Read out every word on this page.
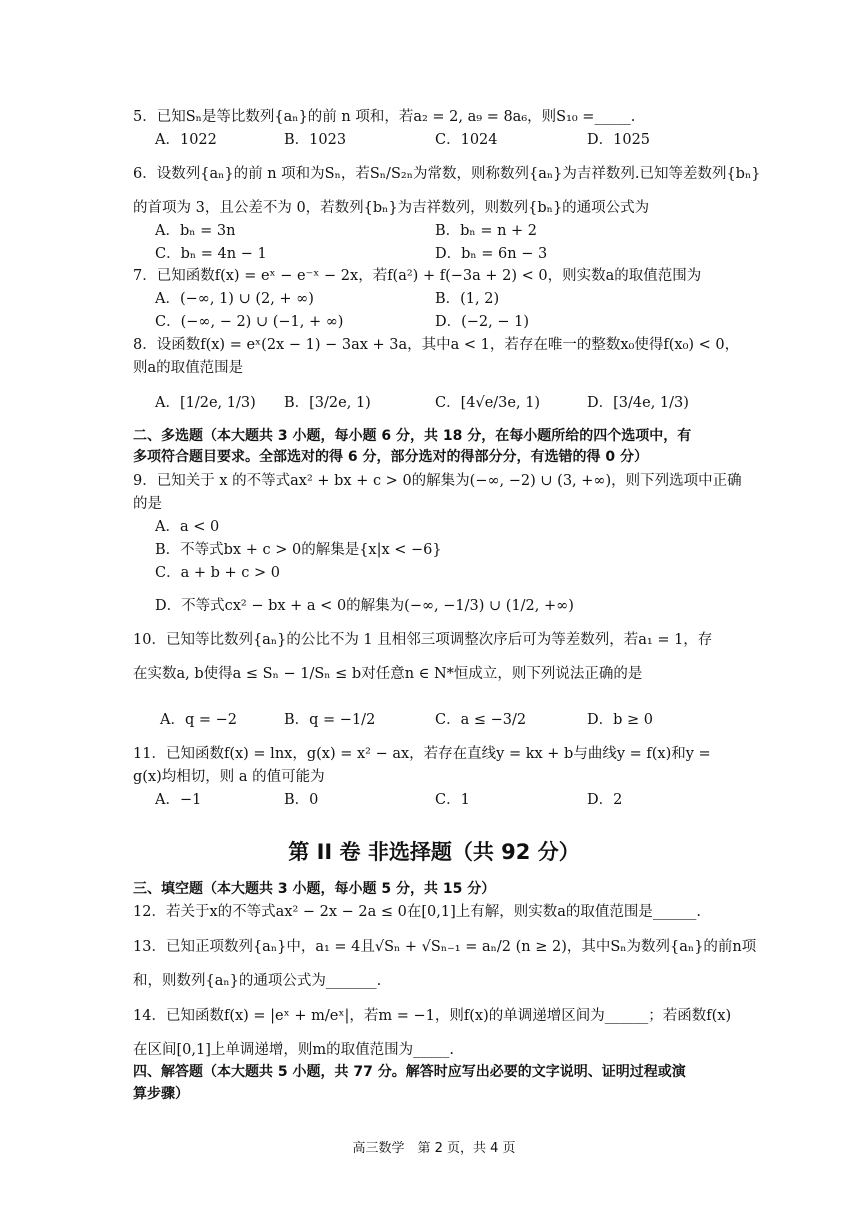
5．已知Sₙ是等比数列{aₙ}的前 n 项和，若a₂ = 2, a₉ = 8a₆，则S₁₀ =_____.
A．1022	B．1023	C．1024	D．1025
6．设数列{aₙ}的前 n 项和为Sₙ，若Sₙ/S₂ₙ为常数，则称数列{aₙ}为吉祥数列.已知等差数列{bₙ}
的首项为 3，且公差不为 0，若数列{bₙ}为吉祥数列，则数列{bₙ}的通项公式为
A．bₙ = 3n	B．bₙ = n + 2
C．bₙ = 4n − 1	D．bₙ = 6n − 3
7．已知函数f(x) = eˣ − e⁻ˣ − 2x，若f(a²) + f(−3a + 2) < 0，则实数a的取值范围为
A．(−∞, 1) ∪ (2, + ∞)	B．(1, 2)
C．(−∞, − 2) ∪ (−1, + ∞)	D．(−2, − 1)
8．设函数f(x) = eˣ(2x − 1) − 3ax + 3a，其中a < 1，若存在唯一的整数x₀使得f(x₀) < 0，
则a的取值范围是
A．[1/2e, 1/3) B．[3/2e, 1)	C．[4√e/3e, 1)	D．[3/4e, 1/3)
二、多选题（本大题共 3 小题，每小题 6 分，共 18 分，在每小题所给的四个选项中，有
多项符合题目要求。全部选对的得 6 分，部分选对的得部分分，有选错的得 0 分）
9．已知关于 x 的不等式ax² + bx + c > 0的解集为(−∞, −2) ∪ (3, +∞)，则下列选项中正确
的是
A．a < 0
B．不等式bx + c > 0的解集是{x|x < −6}
C．a + b + c > 0
D．不等式cx² − bx + a < 0的解集为(−∞, −1/3) ∪ (1/2, +∞)
10．已知等比数列{aₙ}的公比不为 1 且相邻三项调整次序后可为等差数列，若a₁ = 1，存
在实数a, b使得a ≤ Sₙ − 1/Sₙ ≤ b对任意n ∈ N*恒成立，则下列说法正确的是
A．q = −2	B．q = −1/2	C．a ≤ −3/2	D．b ≥ 0
11．已知函数f(x) = lnx，g(x) = x² − ax，若存在直线y = kx + b与曲线y = f(x)和y =
g(x)均相切，则 a 的值可能为
A．−1	B．0	C．1	D．2
第 II 卷 非选择题（共 92 分）
三、填空题（本大题共 3 小题，每小题 5 分，共 15 分）
12．若关于x的不等式ax² − 2x − 2a ≤ 0在[0,1]上有解，则实数a的取值范围是______.
13．已知正项数列{aₙ}中，a₁ = 4且√Sₙ + √Sₙ₋₁ = aₙ/2 (n ≥ 2)，其中Sₙ为数列{aₙ}的前n项
和，则数列{aₙ}的通项公式为_______.
14．已知函数f(x) = |eˣ + m/eˣ|，若m = −1，则f(x)的单调递增区间为______；若函数f(x)
在区间[0,1]上单调递增，则m的取值范围为_____.
四、解答题（本大题共 5 小题，共 77 分。解答时应写出必要的文字说明、证明过程或演
算步骤）
高三数学　第 2 页，共 4 页
